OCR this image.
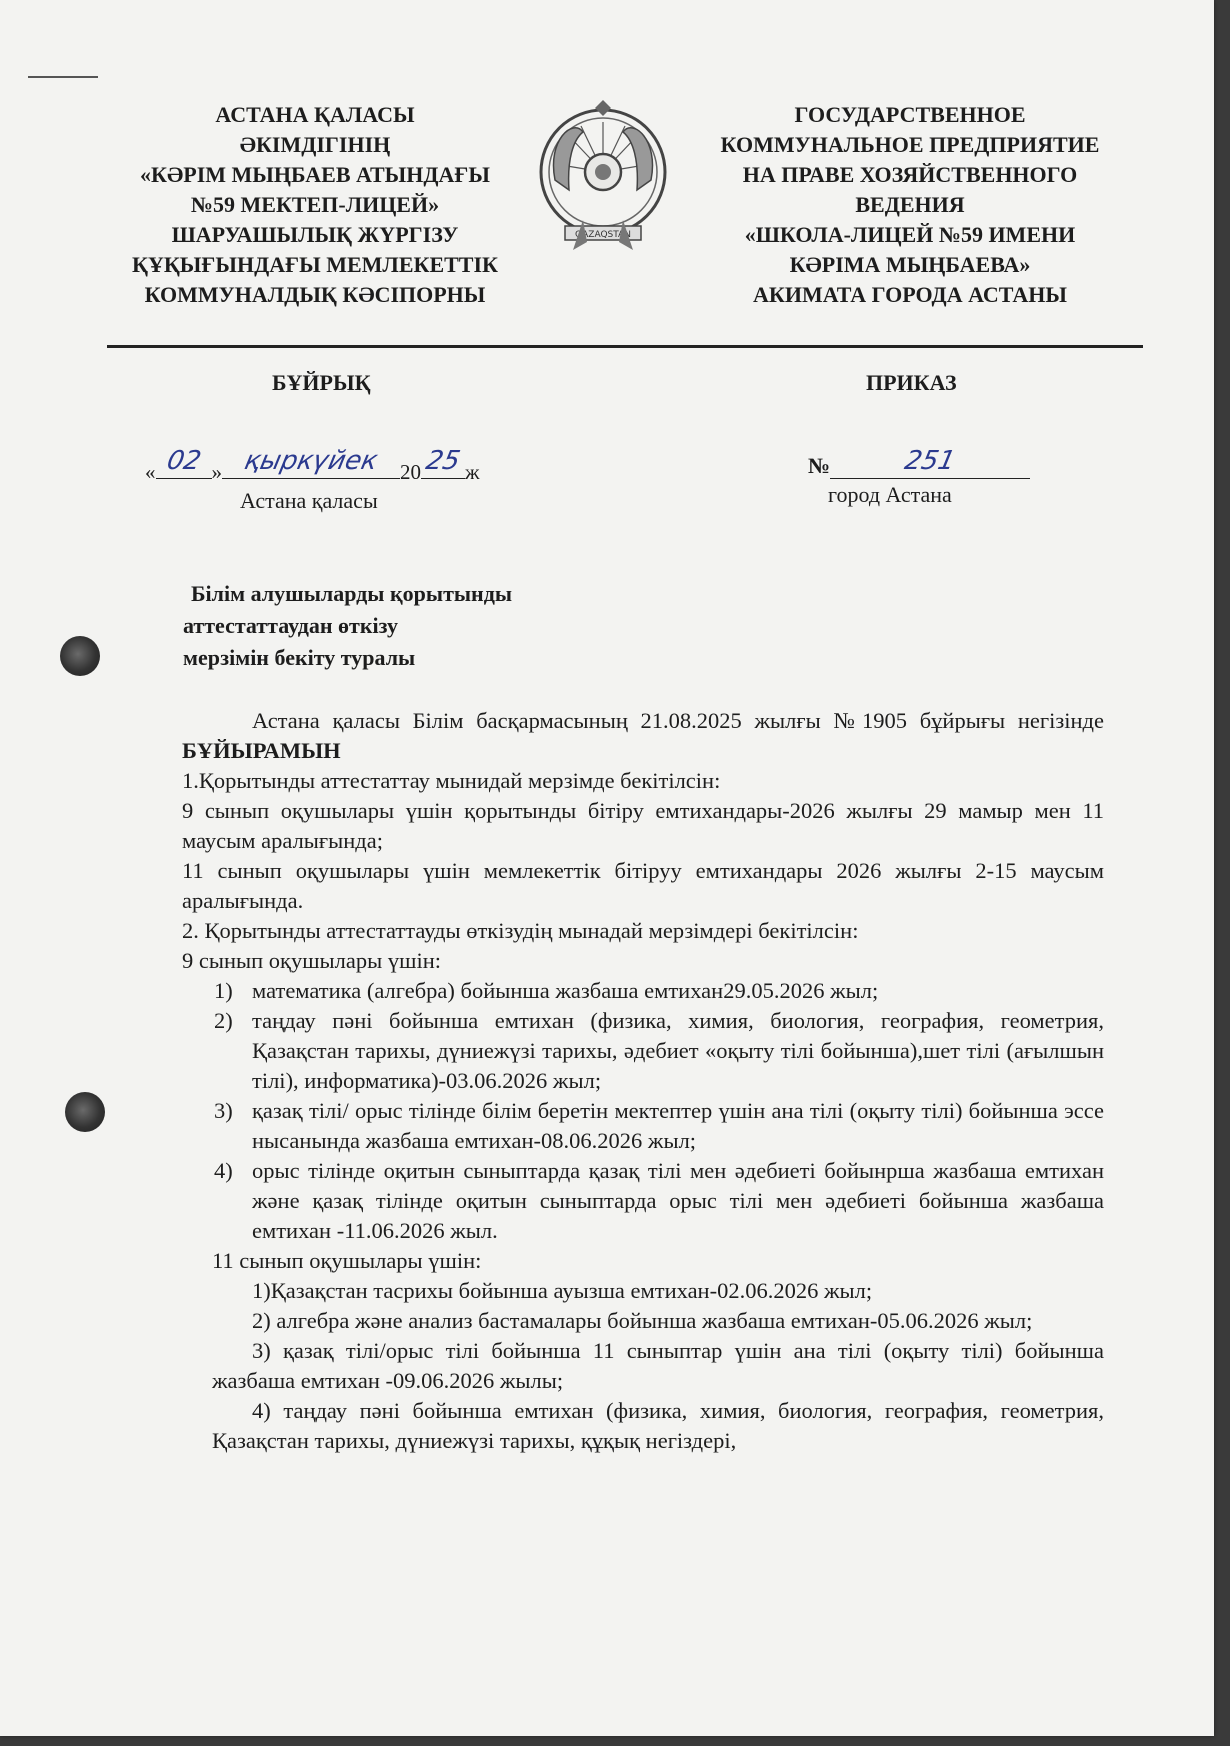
АСТАНА ҚАЛАСЫ
ӘКІМДІГІНІҢ
«КӘРІМ МЫҢБАЕВ АТЫНДАҒЫ
№59 МЕКТЕП-ЛИЦЕЙ»
ШАРУАШЫЛЫҚ ЖҮРГІЗУ
ҚҰҚЫҒЫНДАҒЫ МЕМЛЕКЕТТІК
КОММУНАЛДЫҚ КӘСІПОРНЫ
QAZAQSTAN
ГОСУДАРСТВЕННОЕ
КОММУНАЛЬНОЕ ПРЕДПРИЯТИЕ
НА ПРАВЕ ХОЗЯЙСТВЕННОГО
ВЕДЕНИЯ
«ШКОЛА-ЛИЦЕЙ №59 ИМЕНИ
КӘРІМА МЫҢБАЕВА»
АКИМАТА ГОРОДА АСТАНЫ
БҰЙРЫҚ	ПРИКАЗ
« 02 » қыркүйек 20 25 ж
Астана қаласы
№	251
город Астана
Білім алушыларды қорытынды
аттестаттаудан өткізу
мерзімін бекіту туралы

Астана қаласы Білім басқармасының 21.08.2025 жылғы №1905 бұйрығы негізінде БҰЙЫРАМЫН

1.Қорытынды аттестаттау мынидай мерзімде бекітілсін:

9 сынып оқушылары үшін қорытынды бітіру емтихандары-2026 жылғы 29 мамыр мен 11 маусым аралығында;

11 сынып оқушылары үшін мемлекеттік бітіруу емтихандары 2026 жылғы 2-15 маусым аралығында.

2. Қорытынды аттестаттауды өткізудің мынадай мерзімдері бекітілсін:

9 сынып оқушылары үшін:

1) математика (алгебра) бойынша жазбаша емтихан29.05.2026 жыл;
2) таңдау пәні бойынша емтихан (физика, химия, биология, география, геометрия, Қазақстан тарихы, дүниежүзі тарихы, әдебиет «оқыту тілі бойынша),шет тілі (ағылшын тілі), информатика)-03.06.2026 жыл;
3) қазақ тілі/ орыс тілінде білім беретін мектептер үшін ана тілі (оқыту тілі) бойынша эссе нысанында жазбаша емтихан-08.06.2026 жыл;
4) орыс тілінде оқитын сыныптарда қазақ тілі мен әдебиеті бойынрша жазбаша емтихан және қазақ тілінде оқитын сыныптарда орыс тілі мен әдебиеті бойынша жазбаша емтихан -11.06.2026 жыл.

11 сынып оқушылары үшін:

1)Қазақстан тасрихы бойынша ауызша емтихан-02.06.2026 жыл;

2) алгебра және анализ бастамалары бойынша жазбаша емтихан-05.06.2026 жыл;

3) қазақ тілі/орыс тілі бойынша 11 сыныптар үшін ана тілі (оқыту тілі) бойынша жазбаша емтихан -09.06.2026 жылы;

4) таңдау пәні бойынша емтихан (физика, химия, биология, география, геометрия, Қазақстан тарихы, дүниежүзі тарихы, құқық негіздері,
